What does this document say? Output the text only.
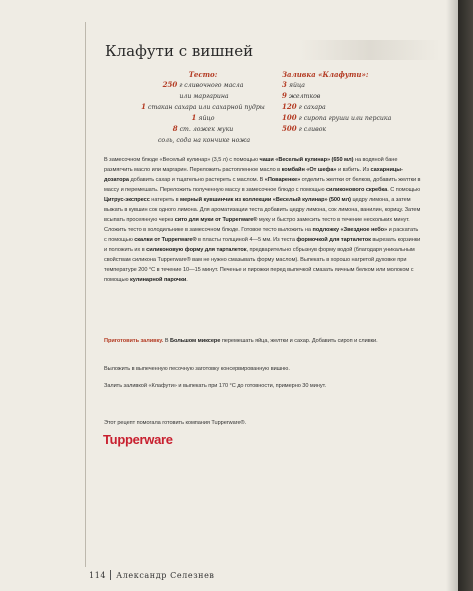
Клафути с вишней
Тесто:
250 г сливочного масла
или маргарина
1 стакан сахара или сахарной пудры
1 яйцо
8 ст. ложек муки
соль, сода на кончике ножа
Заливка «Клафути»:
3 яйца
9 желтков
120 г сахара
100 г сиропа груши или персика
500 г сливок
В замесочном блюде «Веселый кулинар» (3,5 л) с помощью чаши «Веселый кулинар» (650 мл) на водяной бане размягчить масло или маргарин. Переложить растопленное масло в комбайн «От шефа» и взбить. Из сахарницы-дозатора добавить сахар и тщательно растереть с маслом. В «Поваренке» отделить желтки от белков, добавить желтки в массу и перемешать. Переложить полученную массу в замесочное блюдо с помощью силиконового скребка. С помощью Цитрус-экспресс натереть в мерный кувшинчик из коллекции «Веселый кулинар» (500 мл) цедру лимона, а затем выжать в кувшин сок одного лимона. Для ароматизации теста добавить цедру лимона, сок лимона, ванилин, корицу. Затем всыпать просеянную через сито для муки от Tupperware® муку и быстро замесить тесто в течение нескольких минут. Сложить тесто в холодильнике в замесочном блюде. Готовое тесто выложить на подложку «Звездное небо» и раскатать с помощью скалки от Tupperware® в пласты толщиной 4—5 мм. Из теста формочкой для тарталеток вырезать корзинки и положить их в силиконовую форму для тарталеток, предварительно сбрызнув форму водой (благодаря уникальным свойствам силикона Tupperware® вам не нужно смазывать форму маслом). Выпекать в хорошо нагретой духовке при температуре 200 °С в течение 10—15 минут. Печенье и пирожки перед выпечкой смазать яичным белком или молоком с помощью кулинарной парочки.
Приготовить заливку. В Большом миксере перемешать яйца, желтки и сахар. Добавить сироп и сливки.
Выложить в выпеченную песочную заготовку консервированную вишню.
Залить заливкой «Клафути» и выпекать при 170 °С до готовности, примерно 30 минут.
Этот рецепт помогала готовить компания Tupperware®.
Tupperware
114 Александр Селезнев
